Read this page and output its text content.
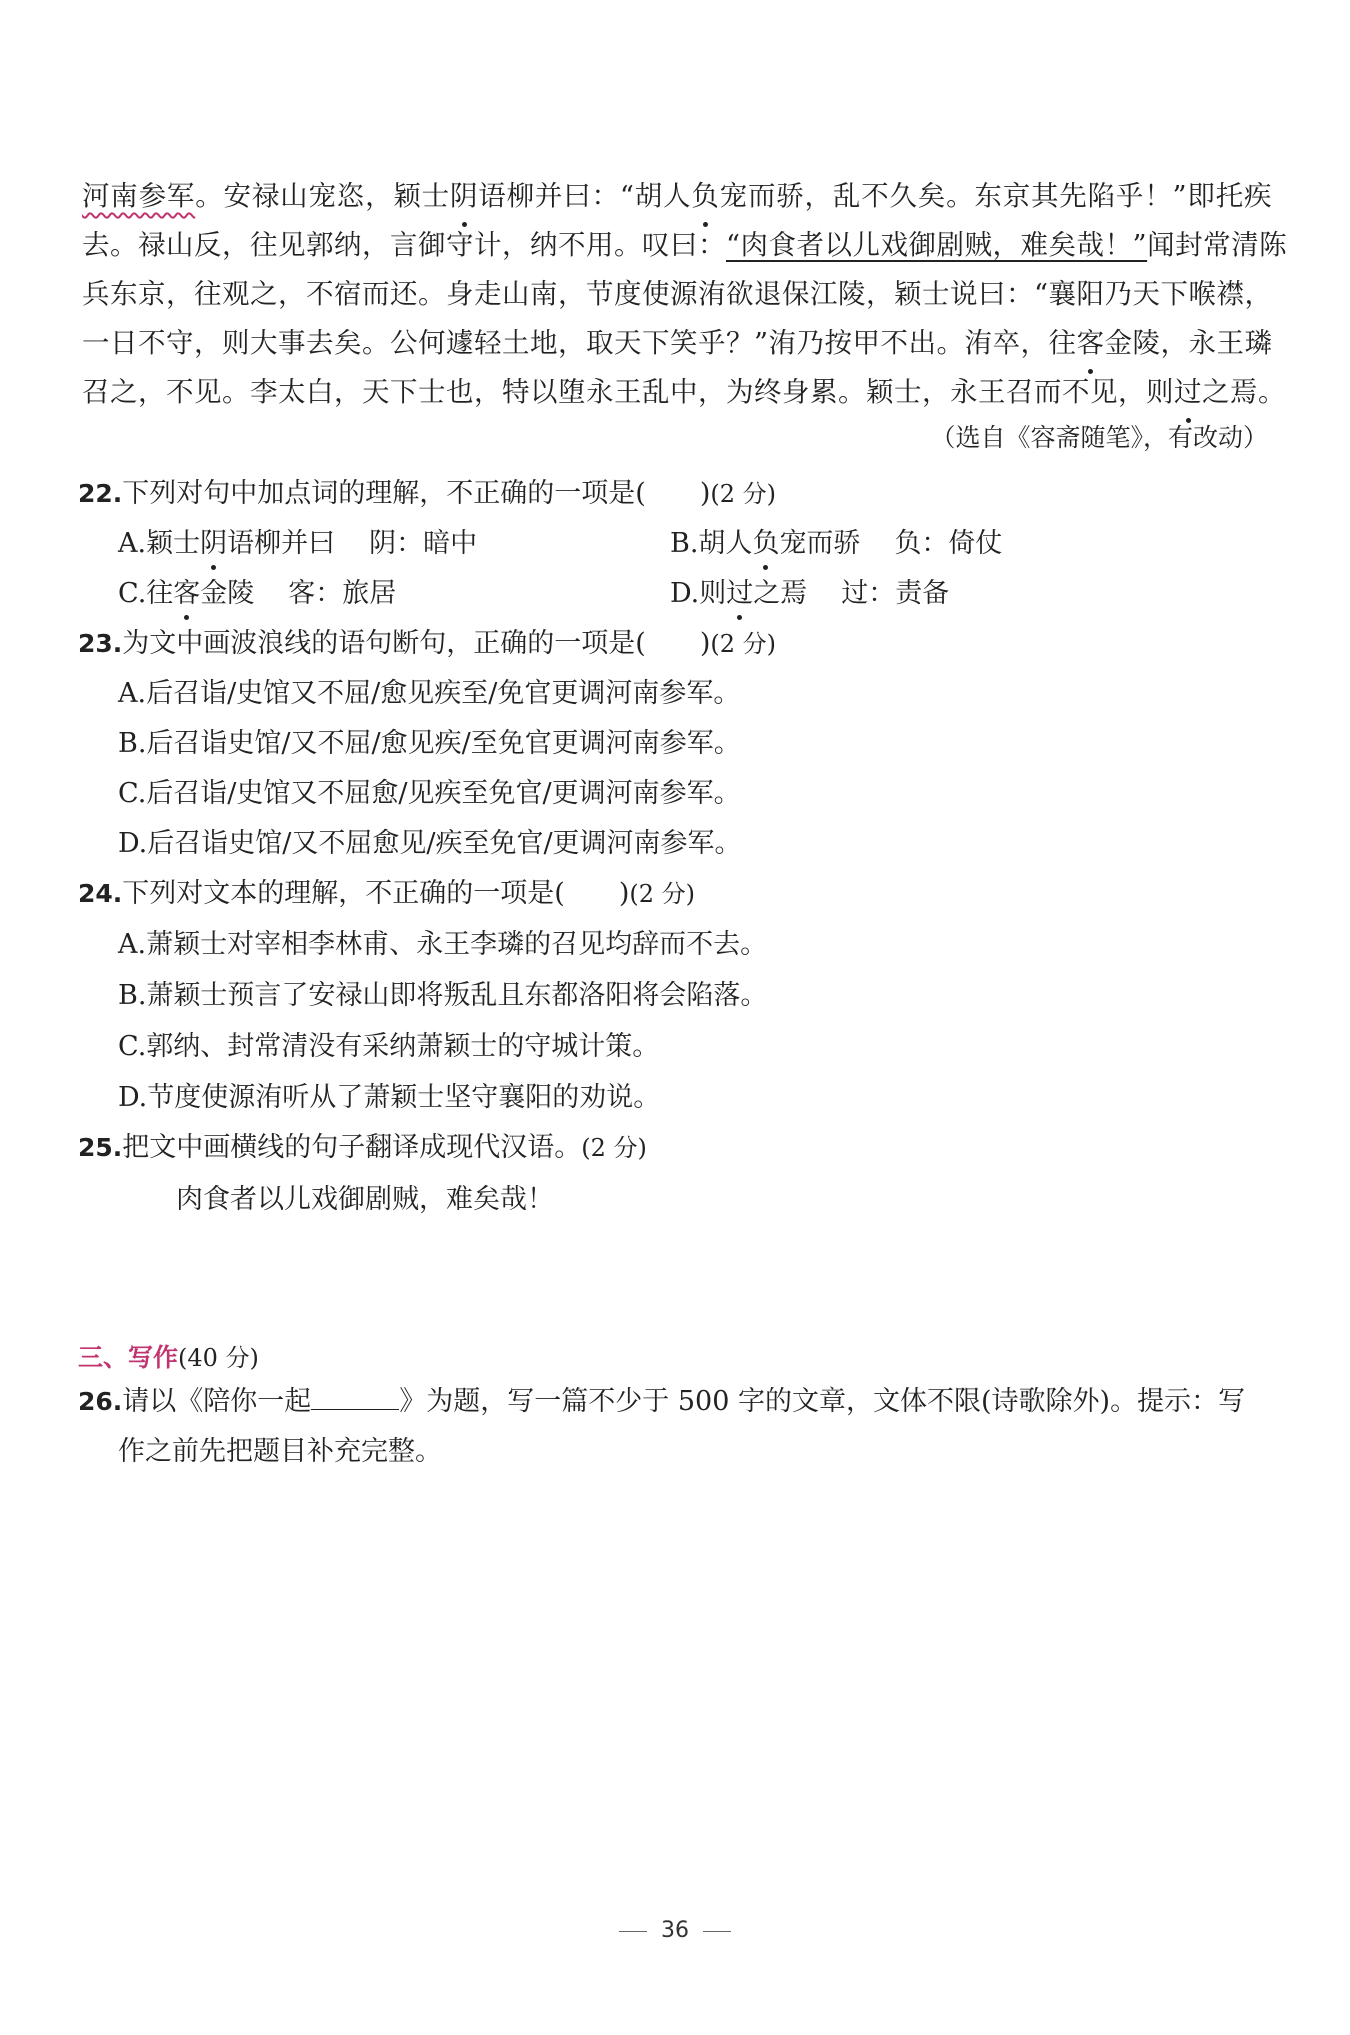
河南参军。安禄山宠恣，颖士阴语柳并曰：“胡人负宠而骄，乱不久矣。东京其先陷乎！”即托疾
去。禄山反，往见郭纳，言御守计，纳不用。叹曰：“肉食者以儿戏御剧贼，难矣哉！”闻封常清陈
兵东京，往观之，不宿而还。身走山南，节度使源洧欲退保江陵，颖士说曰：“襄阳乃天下喉襟，
一日不守，则大事去矣。公何遽轻土地，取天下笑乎？”洧乃按甲不出。洧卒，往客金陵，永王璘
召之，不见。李太白，天下士也，特以堕永王乱中，为终身累。颖士，永王召而不见，则过之焉。
（选自《容斋随笔》，有改动）
22.下列对句中加点词的理解，不正确的一项是(　　)(2 分)
A.颖士阴语柳并曰 阴：暗中	B.胡人负宠而骄 负：倚仗
C.往客金陵 客：旅居	D.则过之焉 过：责备
23.为文中画波浪线的语句断句，正确的一项是(　　)(2 分)
A.后召诣/史馆又不屈/愈见疾至/免官更调河南参军。
B.后召诣史馆/又不屈/愈见疾/至免官更调河南参军。
C.后召诣/史馆又不屈愈/见疾至免官/更调河南参军。
D.后召诣史馆/又不屈愈见/疾至免官/更调河南参军。
24.下列对文本的理解，不正确的一项是(　　)(2 分)
A.萧颖士对宰相李林甫、永王李璘的召见均辞而不去。
B.萧颖士预言了安禄山即将叛乱且东都洛阳将会陷落。
C.郭纳、封常清没有采纳萧颖士的守城计策。
D.节度使源洧听从了萧颖士坚守襄阳的劝说。
25.把文中画横线的句子翻译成现代汉语。(2 分)
肉食者以儿戏御剧贼，难矣哉！
三、写作(40 分)
26.请以《陪你一起	》为题，写一篇不少于 500 字的文章，文体不限(诗歌除外)。提示：写
作之前先把题目补充完整。
36
